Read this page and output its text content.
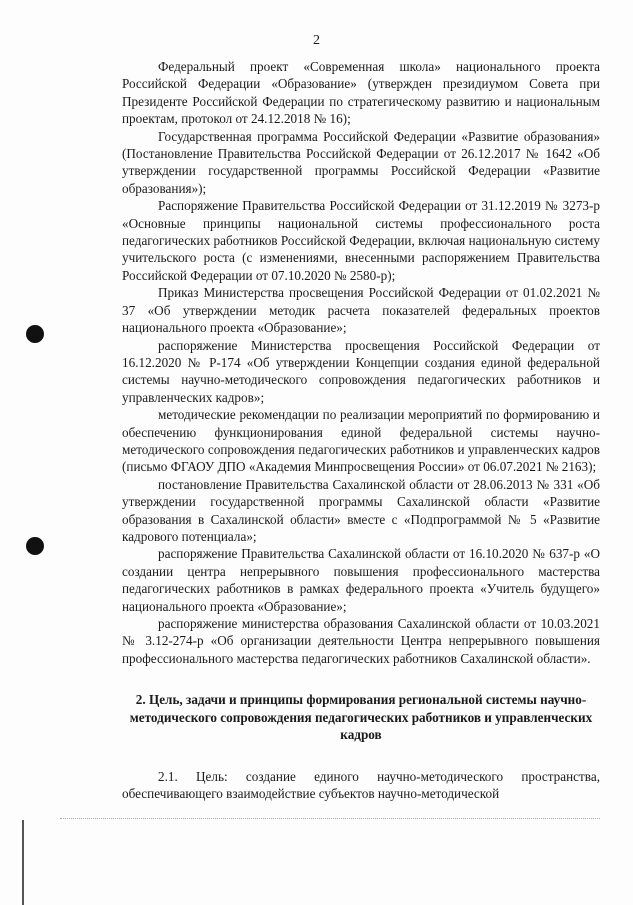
2

Федеральный проект «Современная школа» национального проекта Российской Федерации «Образование» (утвержден президиумом Совета при Президенте Российской Федерации по стратегическому развитию и национальным проектам, протокол от 24.12.2018 № 16);

Государственная программа Российской Федерации «Развитие образования» (Постановление Правительства Российской Федерации от 26.12.2017 № 1642 «Об утверждении государственной программы Российской Федерации «Развитие образования»);

Распоряжение Правительства Российской Федерации от 31.12.2019 № 3273-р «Основные принципы национальной системы профессионального роста педагогических работников Российской Федерации, включая национальную систему учительского роста (с изменениями, внесенными распоряжением Правительства Российской Федерации от 07.10.2020 № 2580-р);

Приказ Министерства просвещения Российской Федерации от 01.02.2021 № 37 «Об утверждении методик расчета показателей федеральных проектов национального проекта «Образование»;

распоряжение Министерства просвещения Российской Федерации от 16.12.2020 № Р-174 «Об утверждении Концепции создания единой федеральной системы научно-методического сопровождения педагогических работников и управленческих кадров»;

методические рекомендации по реализации мероприятий по формированию и обеспечению функционирования единой федеральной системы научно-методического сопровождения педагогических работников и управленческих кадров (письмо ФГАОУ ДПО «Академия Минпросвещения России» от 06.07.2021 № 2163);

постановление Правительства Сахалинской области от 28.06.2013 № 331 «Об утверждении государственной программы Сахалинской области «Развитие образования в Сахалинской области» вместе с «Подпрограммой № 5 «Развитие кадрового потенциала»;

распоряжение Правительства Сахалинской области от 16.10.2020 № 637-р «О создании центра непрерывного повышения профессионального мастерства педагогических работников в рамках федерального проекта «Учитель будущего» национального проекта «Образование»;

распоряжение министерства образования Сахалинской области от 10.03.2021 № 3.12-274-р «Об организации деятельности Центра непрерывного повышения профессионального мастерства педагогических работников Сахалинской области».

2. Цель, задачи и принципы формирования региональной системы научно-методического сопровождения педагогических работников и управленческих кадров

2.1. Цель: создание единого научно-методического пространства, обеспечивающего взаимодействие субъектов научно-методической
